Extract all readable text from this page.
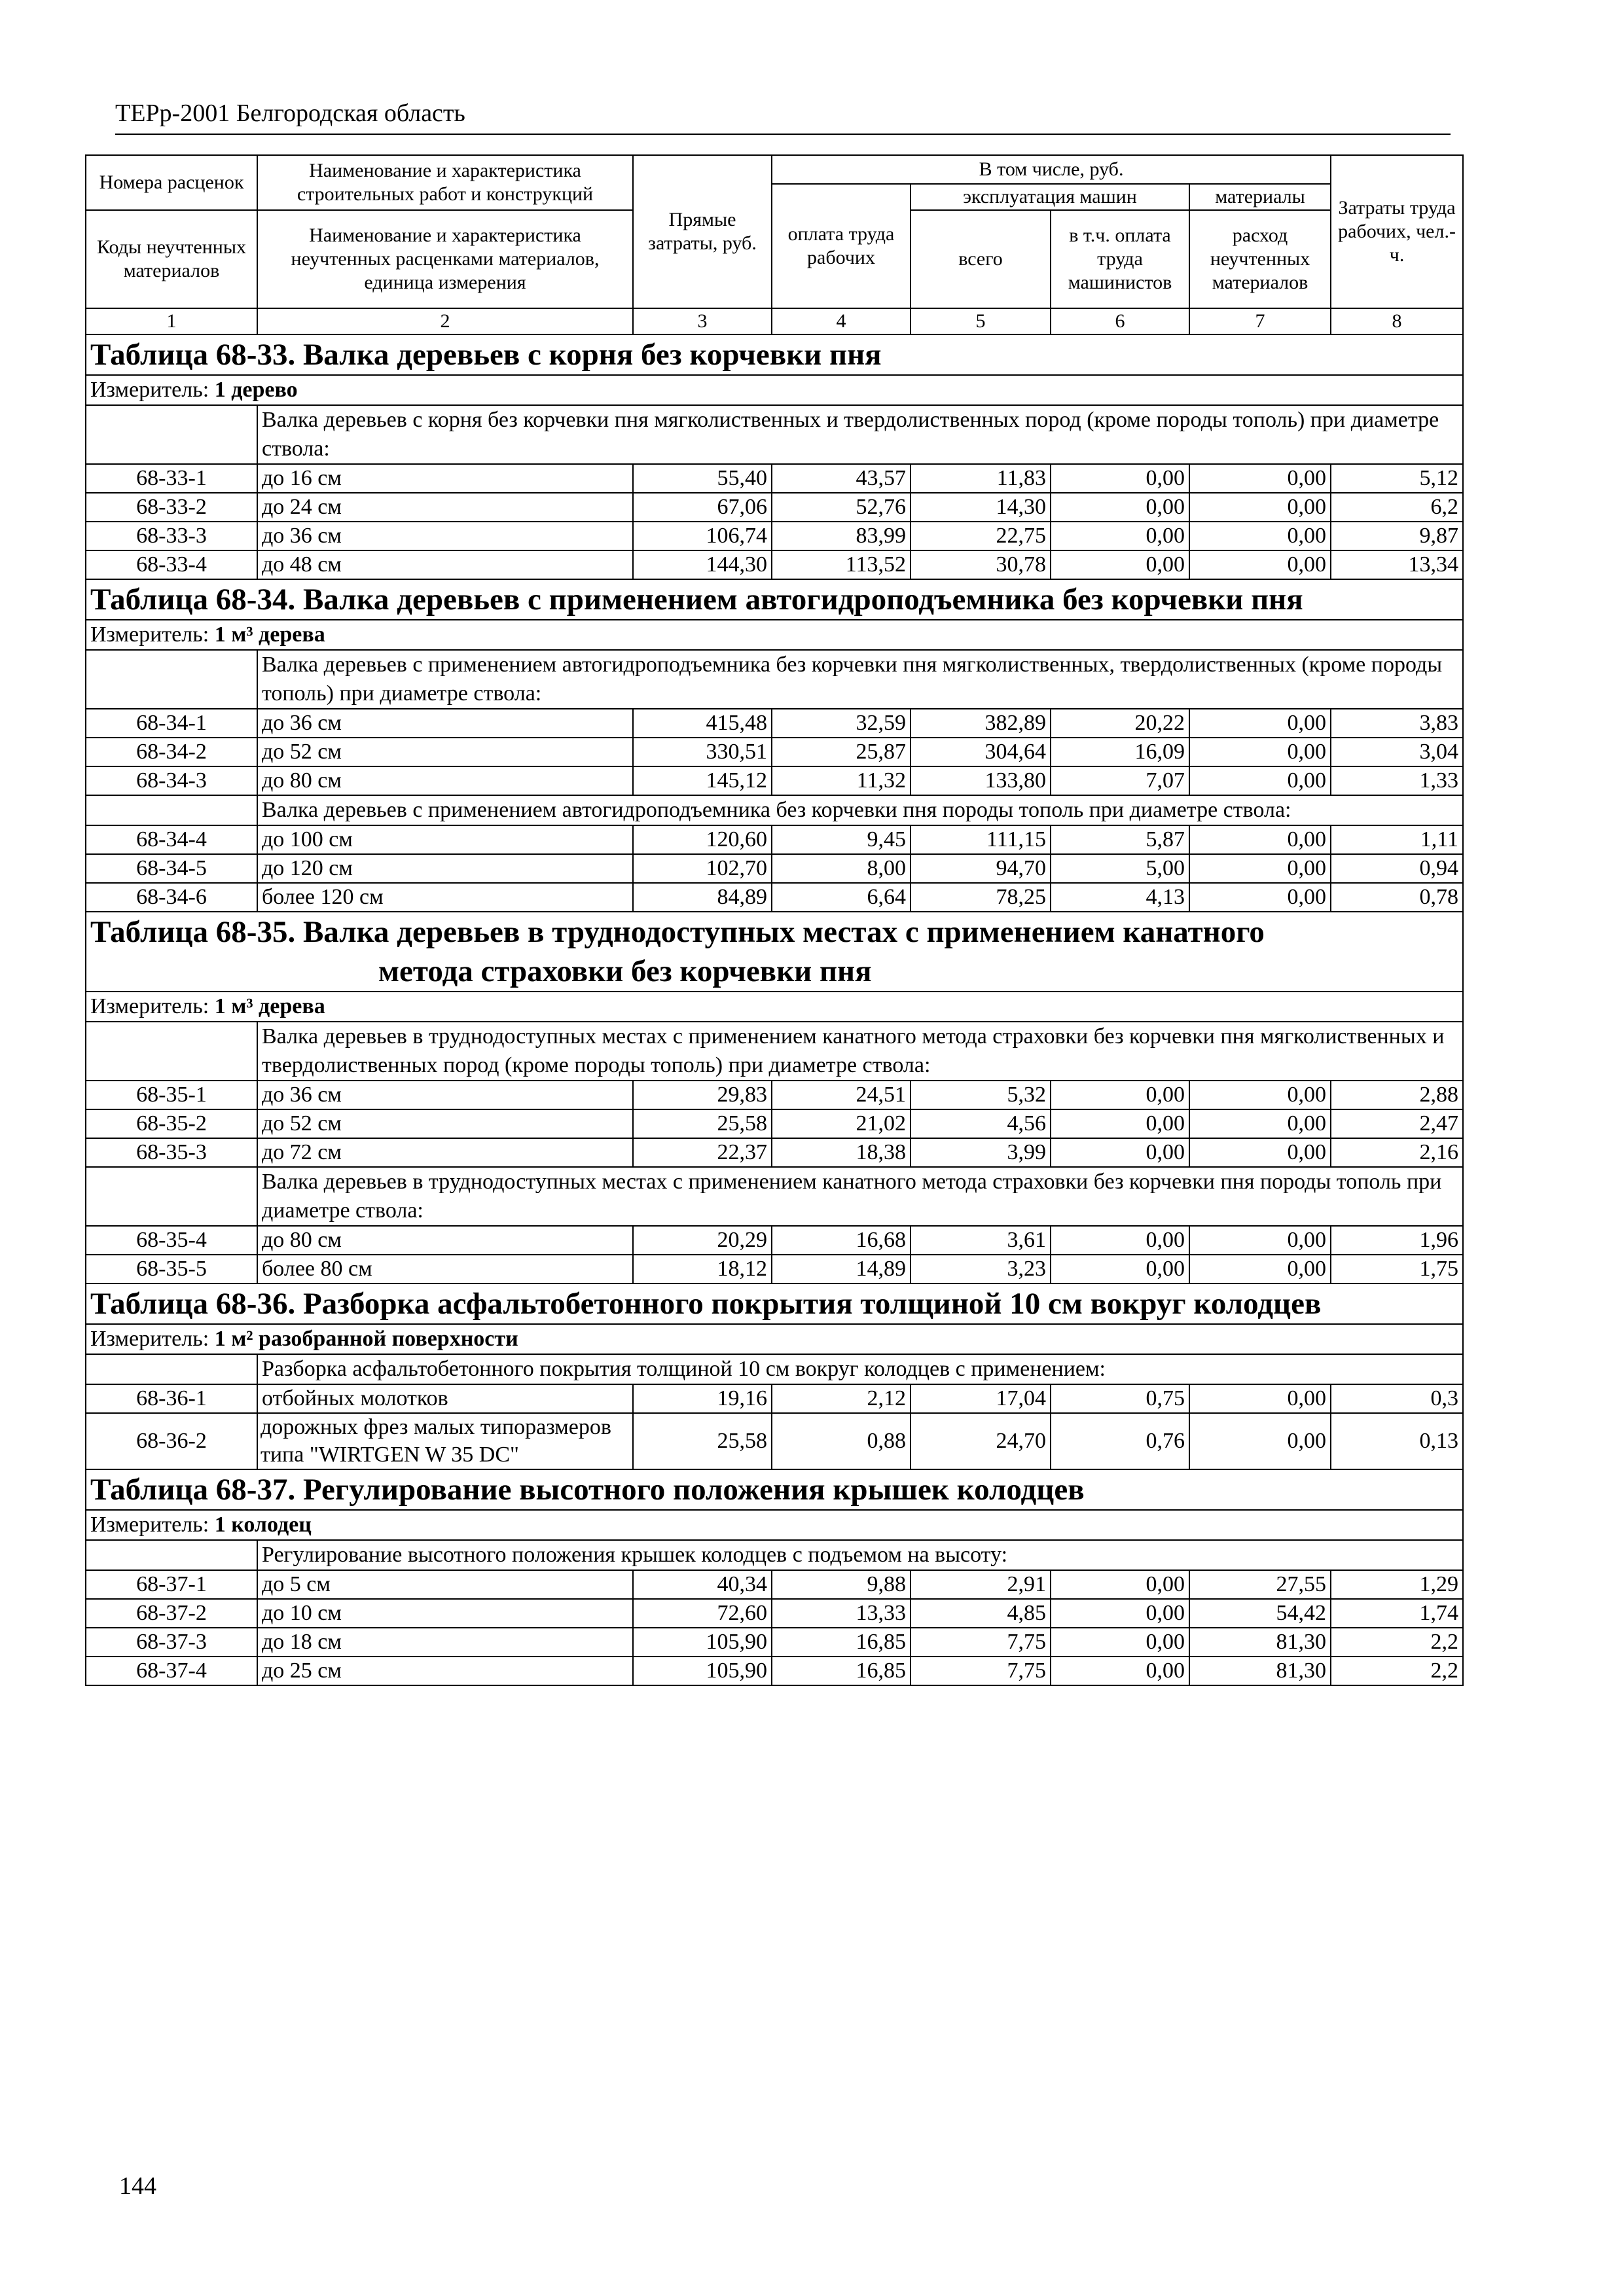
ТЕРр-2001 Белгородская область
Номера расценок	Наименование и характеристика строительных работ и конструкций	Прямые затраты, руб.	В том числе, руб.				Затраты труда рабочих, чел.-ч.
			оплата труда рабочих	эксплуатация машин		материалы	
Коды неучтенных материалов	Наименование и характеристика неучтенных расценками материалов, единица измерения			всего	в т.ч. оплата труда машинистов	расход неучтенных материалов	
1	2	3	4	5	6	7	8

Таблица 68-33. Валка деревьев с корня без корчевки пня							

Измеритель: 1 дерево							
	Валка деревьев с корня без корчевки пня мягколиственных и твердолиственных пород (кроме породы тополь) при диаметре ствола:						
68-33-1	до 16 см	55,40	43,57	11,83	0,00	0,00	5,12
68-33-2	до 24 см	67,06	52,76	14,30	0,00	0,00	6,2
68-33-3	до 36 см	106,74	83,99	22,75	0,00	0,00	9,87
68-33-4	до 48 см	144,30	113,52	30,78	0,00	0,00	13,34

Таблица 68-34. Валка деревьев с применением автогидроподъемника без корчевки пня							

Измеритель: 1 м³ дерева							
	Валка деревьев с применением автогидроподъемника без корчевки пня мягколиственных, твердолиственных (кроме породы тополь) при диаметре ствола:						
68-34-1	до 36 см	415,48	32,59	382,89	20,22	0,00	3,83
68-34-2	до 52 см	330,51	25,87	304,64	16,09	0,00	3,04
68-34-3	до 80 см	145,12	11,32	133,80	7,07	0,00	1,33
	Валка деревьев с применением автогидроподъемника без корчевки пня породы тополь при диаметре ствола:						
68-34-4	до 100 см	120,60	9,45	111,15	5,87	0,00	1,11
68-34-5	до 120 см	102,70	8,00	94,70	5,00	0,00	0,94
68-34-6	более 120 см	84,89	6,64	78,25	4,13	0,00	0,78

Таблица 68-35. Валка деревьев в труднодоступных местах с применением канатного
метода страховки без корчевки пня							

Измеритель: 1 м³ дерева							
	Валка деревьев в труднодоступных местах с применением канатного метода страховки без корчевки пня мягколиственных и твердолиственных пород (кроме породы тополь) при диаметре ствола:						
68-35-1	до 36 см	29,83	24,51	5,32	0,00	0,00	2,88
68-35-2	до 52 см	25,58	21,02	4,56	0,00	0,00	2,47
68-35-3	до 72 см	22,37	18,38	3,99	0,00	0,00	2,16
	Валка деревьев в труднодоступных местах с применением канатного метода страховки без корчевки пня породы тополь при диаметре ствола:						
68-35-4	до 80 см	20,29	16,68	3,61	0,00	0,00	1,96
68-35-5	более 80 см	18,12	14,89	3,23	0,00	0,00	1,75

Таблица 68-36. Разборка асфальтобетонного покрытия толщиной 10 см вокруг колодцев							

Измеритель: 1 м² разобранной поверхности							
	Разборка асфальтобетонного покрытия толщиной 10 см вокруг колодцев с применением:						
68-36-1	отбойных молотков	19,16	2,12	17,04	0,75	0,00	0,3
68-36-2	дорожных фрез малых типоразмеров типа "WIRTGEN W 35 DC"	25,58	0,88	24,70	0,76	0,00	0,13

Таблица 68-37. Регулирование высотного положения крышек колодцев							

Измеритель: 1 колодец							
	Регулирование высотного положения крышек колодцев с подъемом на высоту:						
68-37-1	до 5 см	40,34	9,88	2,91	0,00	27,55	1,29
68-37-2	до 10 см	72,60	13,33	4,85	0,00	54,42	1,74
68-37-3	до 18 см	105,90	16,85	7,75	0,00	81,30	2,2
68-37-4	до 25 см	105,90	16,85	7,75	0,00	81,30	2,2
144
